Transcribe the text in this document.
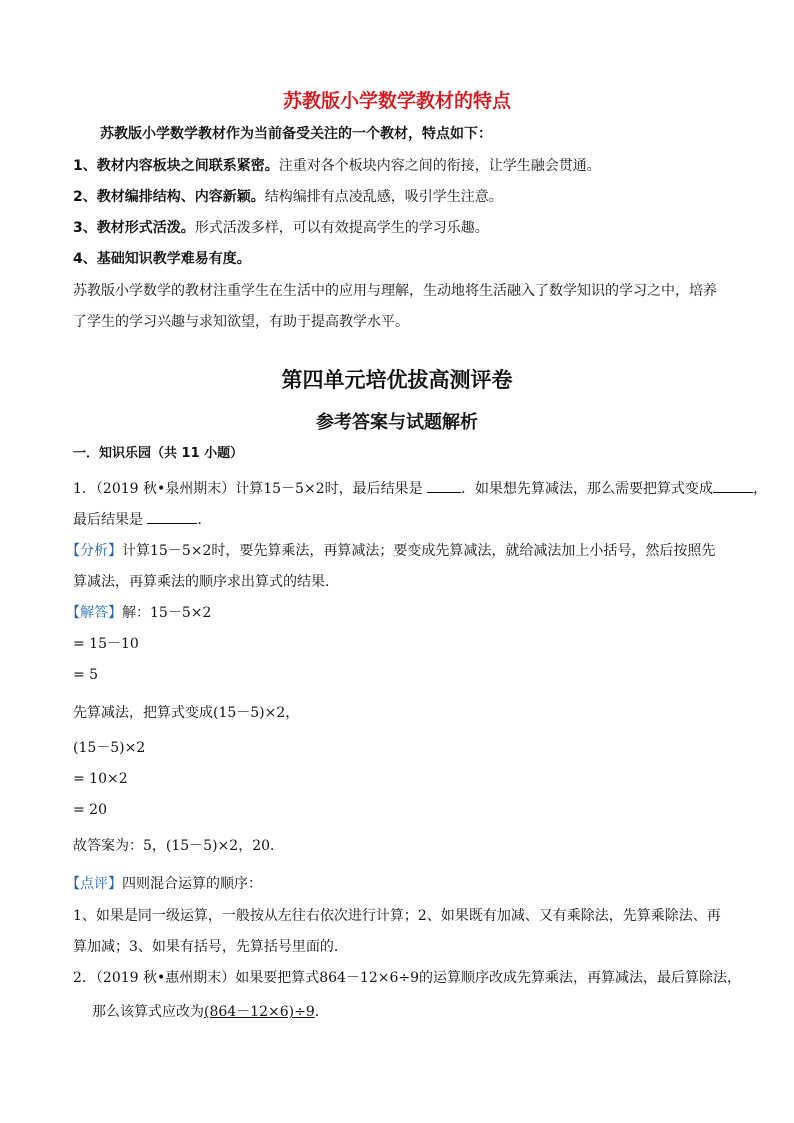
苏教版小学数学教材的特点
苏教版小学数学教材作为当前备受关注的一个教材，特点如下：
1、教材内容板块之间联系紧密。注重对各个板块内容之间的衔接，让学生融会贯通。
2、教材编排结构、内容新颖。结构编排有点凌乱感，吸引学生注意。
3、教材形式活泼。形式活泼多样，可以有效提高学生的学习乐趣。
4、基础知识教学难易有度。
苏教版小学数学的教材注重学生在生活中的应用与理解，生动地将生活融入了数学知识的学习之中，培养
了学生的学习兴趣与求知欲望，有助于提高教学水平。
第四单元培优拔高测评卷
参考答案与试题解析
一．知识乐园（共 11 小题）
1．（2019 秋•泉州期末）计算15－5×2时，最后结果是 ．如果想先算减法，那么需要把算式变成	，
最后结果是	．
【分析】计算15－5×2时，要先算乘法，再算减法；要变成先算减法，就给减法加上小括号，然后按照先
算减法，再算乘法的顺序求出算式的结果．
【解答】解：15－5×2
= 15－10
= 5
先算减法，把算式变成(15－5)×2，
(15－5)×2
= 10×2
= 20
故答案为：5，(15－5)×2，20．
【点评】四则混合运算的顺序：
1、如果是同一级运算，一般按从左往右依次进行计算；2、如果既有加减、又有乘除法，先算乘除法、再
算加减；3、如果有括号，先算括号里面的．
2．（2019 秋•惠州期末）如果要把算式864－12×6÷9的运算顺序改成先算乘法，再算减法，最后算除法，
那么该算式应改为(864－12×6)÷9．
